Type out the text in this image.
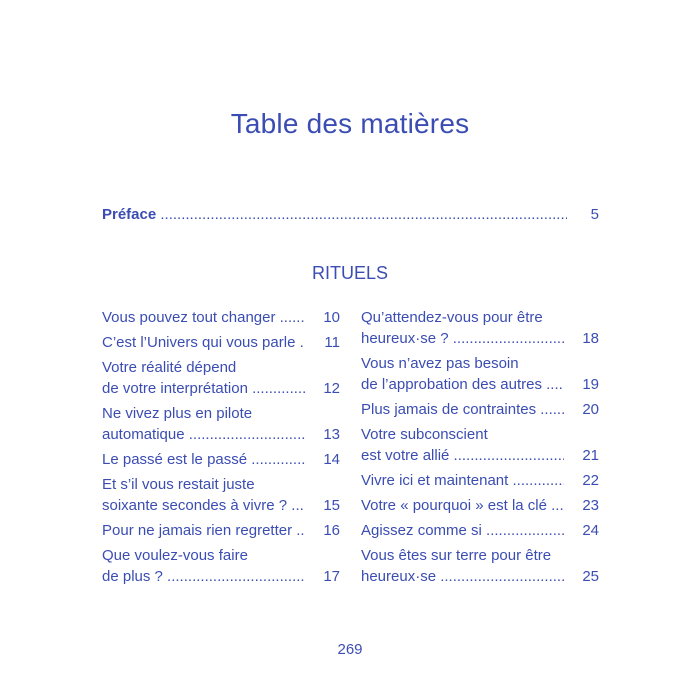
Table des matières
Préface .....	5
RITUELS
Vous pouvez tout changer .....	10
C’est l’Univers qui vous parle .....	11
Votre réalité dépend
de votre interprétation .....	12
Ne vivez plus en pilote
automatique .....	13
Le passé est le passé .....	14
Et s’il vous restait juste
soixante secondes à vivre ? .....	15
Pour ne jamais rien regretter .....	16
Que voulez-vous faire
de plus ? .....	17
Qu’attendez-vous pour être
heureux·se ? .....	18
Vous n’avez pas besoin
de l’approbation des autres .....	19
Plus jamais de contraintes .....	20
Votre subconscient
est votre allié .....	21
Vivre ici et maintenant .....	22
Votre « pourquoi » est la clé .....	23
Agissez comme si .....	24
Vous êtes sur terre pour être
heureux·se .....	25
269
